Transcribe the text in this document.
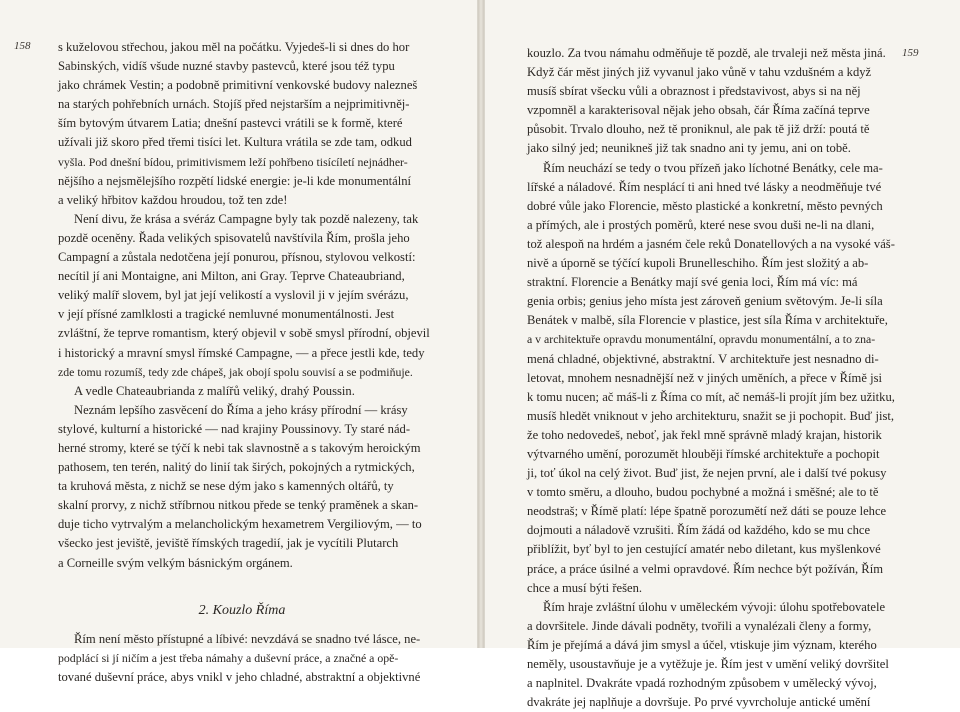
158
159
s kuželovou střechou, jakou měl na počátku. Vyjedeš-li si dnes do hor
Sabinských, vidíš všude nuzné stavby pastevců, které jsou též typu
jako chrámek Vestin; a podobně primitivní venkovské budovy nalezneš
na starých pohřebních urnách. Stojíš před nejstarším a nejprimitivněj-
ším bytovým útvarem Latia; dnešní pastevci vrátili se k formě, které
užívali již skoro před třemi tisíci let. Kultura vrátila se zde tam, odkud
vyšla. Pod dnešní bídou, primitivismem leží pohřbeno tisícíletí nejnádher-
nějšího a nejsmělejšího rozpětí lidské energie: je-li kde monumentální
a veliký hřbitov každou hroudou, tož ten zde!
Není divu, že krása a svéráz Campagne byly tak pozdě nalezeny, tak
pozdě oceněny. Řada velikých spisovatelů navštívila Řím, prošla jeho
Campagní a zůstala nedotčena její ponurou, přísnou, stylovou velkostí:
necítil jí ani Montaigne, ani Milton, ani Gray. Teprve Chateaubriand,
veliký malíř slovem, byl jat její velikostí a vyslovil ji v jejím svérázu,
v její přísné zamlklosti a tragické nemluvné monumentálnosti. Jest
zvláštní, že teprve romantism, který objevil v sobě smysl přírodní, objevil
i historický a mravní smysl římské Campagne, — a přece jestli kde, tedy
zde tomu rozumíš, tedy zde chápeš, jak obojí spolu souvisí a se podmiňuje.
A vedle Chateaubrianda z malířů veliký, drahý Poussin.
Neznám lepšího zasvěcení do Říma a jeho krásy přírodní — krásy
stylové, kulturní a historické — nad krajiny Poussinovy. Ty staré nád-
herné stromy, které se týčí k nebi tak slavnostně a s takovým heroickým
pathosem, ten terén, nalitý do linií tak širých, pokojných a rytmických,
ta kruhová města, z nichž se nese dým jako s kamenných oltářů, ty
skalní prorvy, z nichž stříbrnou nitkou přede se tenký praměnek a skan-
duje ticho vytrvalým a melancholickým hexametrem Vergiliovým, — to
všecko jest jeviště, jeviště římských tragedií, jak je vycítili Plutarch
a Corneille svým velkým básnickým orgánem.
2. Kouzlo Říma
Řím není město přístupné a líbivé: nevzdává se snadno tvé lásce, ne-
podplácí si jí ničím a jest třeba námahy a duševní práce, a značné a opě-
tované duševní práce, abys vnikl v jeho chladné, abstraktní a objektivné
kouzlo. Za tvou námahu odměňuje tě pozdě, ale trvaleji než města jiná.
Když čár měst jiných již vyvanul jako vůně v tahu vzdušném a když
musíš sbírat všecku vůli a obraznost i představivost, abys si na něj
vzpomněl a karakterisoval nějak jeho obsah, čár Říma začíná teprve
působit. Trvalo dlouho, než tě proniknul, ale pak tě již drží: poutá tě
jako silný jed; neunikneš již tak snadno ani ty jemu, ani on tobě.
Řím neuchází se tedy o tvou přízeň jako líchotné Benátky, cele ma-
lířské a náladové. Řím nesplácí ti ani hned tvé lásky a neodměňuje tvé
dobré vůle jako Florencie, město plastické a konkretní, město pevných
a přímých, ale i prostých poměrů, které nese svou duši ne-li na dlani,
tož alespoň na hrdém a jasném čele reků Donatellových a na vysoké váš-
nivě a úporně se týčící kupoli Brunelleschiho. Řím jest složitý a ab-
straktní. Florencie a Benátky mají své genia loci, Řím má víc: má
genia orbis; genius jeho místa jest zároveň genium světovým. Je-li síla
Benátek v malbě, síla Florencie v plastice, jest síla Říma v architektuře,
a v architektuře opravdu monumentální, opravdu monumentální, a to zna-
mená chladné, objektivné, abstraktní. V architektuře jest nesnadno di-
letovat, mnohem nesnadnější než v jiných uměních, a přece v Římě jsi
k tomu nucen; ač máš-li z Říma co mít, ač nemáš-li projít jím bez užitku,
musíš hledět vniknout v jeho architekturu, snažit se ji pochopit. Buď jist,
že toho nedovedeš, neboť, jak řekl mně správně mladý krajan, historik
výtvarného umění, porozumět hlouběji římské architektuře a pochopit
ji, toť úkol na celý život. Buď jist, že nejen první, ale i další tvé pokusy
v tomto směru, a dlouho, budou pochybné a možná i směšné; ale to tě
neodstraš; v Římě platí: lépe špatně porozumětí než dáti se pouze lehce
dojmouti a náladově vzrušiti. Řím žádá od každého, kdo se mu chce
přiblížit, byť byl to jen cestující amatér nebo diletant, kus myšlenkové
práce, a práce úsilné a velmi opravdové. Řím nechce být požíván, Řím
chce a musí býti řešen.
Řím hraje zvláštní úlohu v uměleckém vývoji: úlohu spotřebovatele
a dovršitele. Jinde dávali podněty, tvořili a vynalézali členy a formy,
Řím je přejímá a dává jim smysl a účel, vtiskuje jim význam, kterého
neměly, usoustavňuje je a vytěžuje je. Řím jest v umění veliký dovršitel
a naplnitel. Dvakráte vpadá rozhodným způsobem v umělecký vývoj,
dvakráte jej naplňuje a dovršuje. Po prvé vyvrcholuje antické umění
